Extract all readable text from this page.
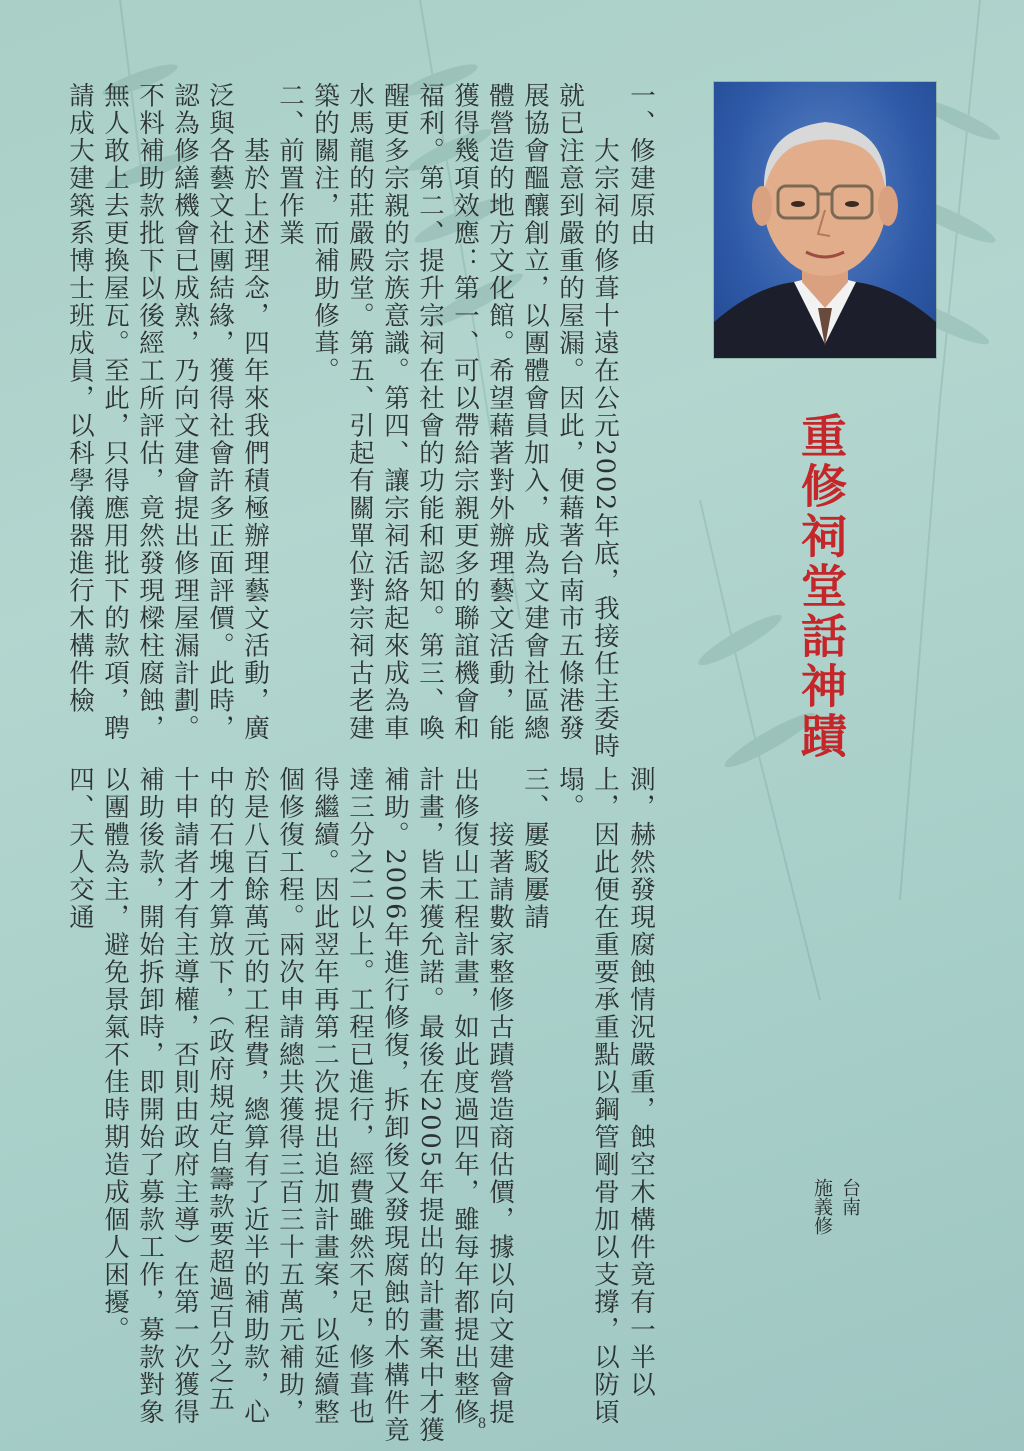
重修祠堂話神蹟
台南
施義修
一、修建原由
　　大宗祠的修葺十遠在公元2002年底，我接任主委時
就已注意到嚴重的屋漏。因此，便藉著台南市五條港發
展協會醞釀創立，以團體會員加入，成為文建會社區總
體營造的地方文化館。希望藉著對外辦理藝文活動，能
獲得幾項效應：第一、可以帶給宗親更多的聯誼機會和
福利。第二、提升宗祠在社會的功能和認知。第三、喚
醒更多宗親的宗族意識。第四、讓宗祠活絡起來成為車
水馬龍的莊嚴殿堂。第五、引起有關單位對宗祠古老建
築的關注，而補助修葺。
二、前置作業
　　基於上述理念，四年來我們積極辦理藝文活動，廣
泛與各藝文社團結緣，獲得社會許多正面評價。此時，
認為修繕機會已成熟，乃向文建會提出修理屋漏計劃。
不料補助款批下以後經工所評估，竟然發現樑柱腐蝕，
無人敢上去更換屋瓦。至此，只得應用批下的款項，聘
請成大建築系博士班成員，以科學儀器進行木構件檢
測，赫然發現腐蝕情況嚴重，蝕空木構件竟有一半以
上，因此便在重要承重點以鋼管剛骨加以支撐，以防頃
塌。
三、屢駁屢請
　　接著請數家整修古蹟營造商估價，據以向文建會提
出修復山工程計畫，如此度過四年，雖每年都提出整修
計畫，皆未獲允諾。最後在2005年提出的計畫案中才獲
補助。2006年進行修復，拆卸後又發現腐蝕的木構件竟
達三分之二以上。工程已進行，經費雖然不足，修葺也
得繼續。因此翌年再第二次提出追加計畫案，以延續整
個修復工程。兩次申請總共獲得三百三十五萬元補助，
於是八百餘萬元的工程費，總算有了近半的補助款，心
中的石塊才算放下，（政府規定自籌款要超過百分之五
十申請者才有主導權，否則由政府主導）在第一次獲得
補助後款，開始拆卸時，即開始了募款工作，募款對象
以團體為主，避免景氣不佳時期造成個人困擾。
四、天人交通
8
